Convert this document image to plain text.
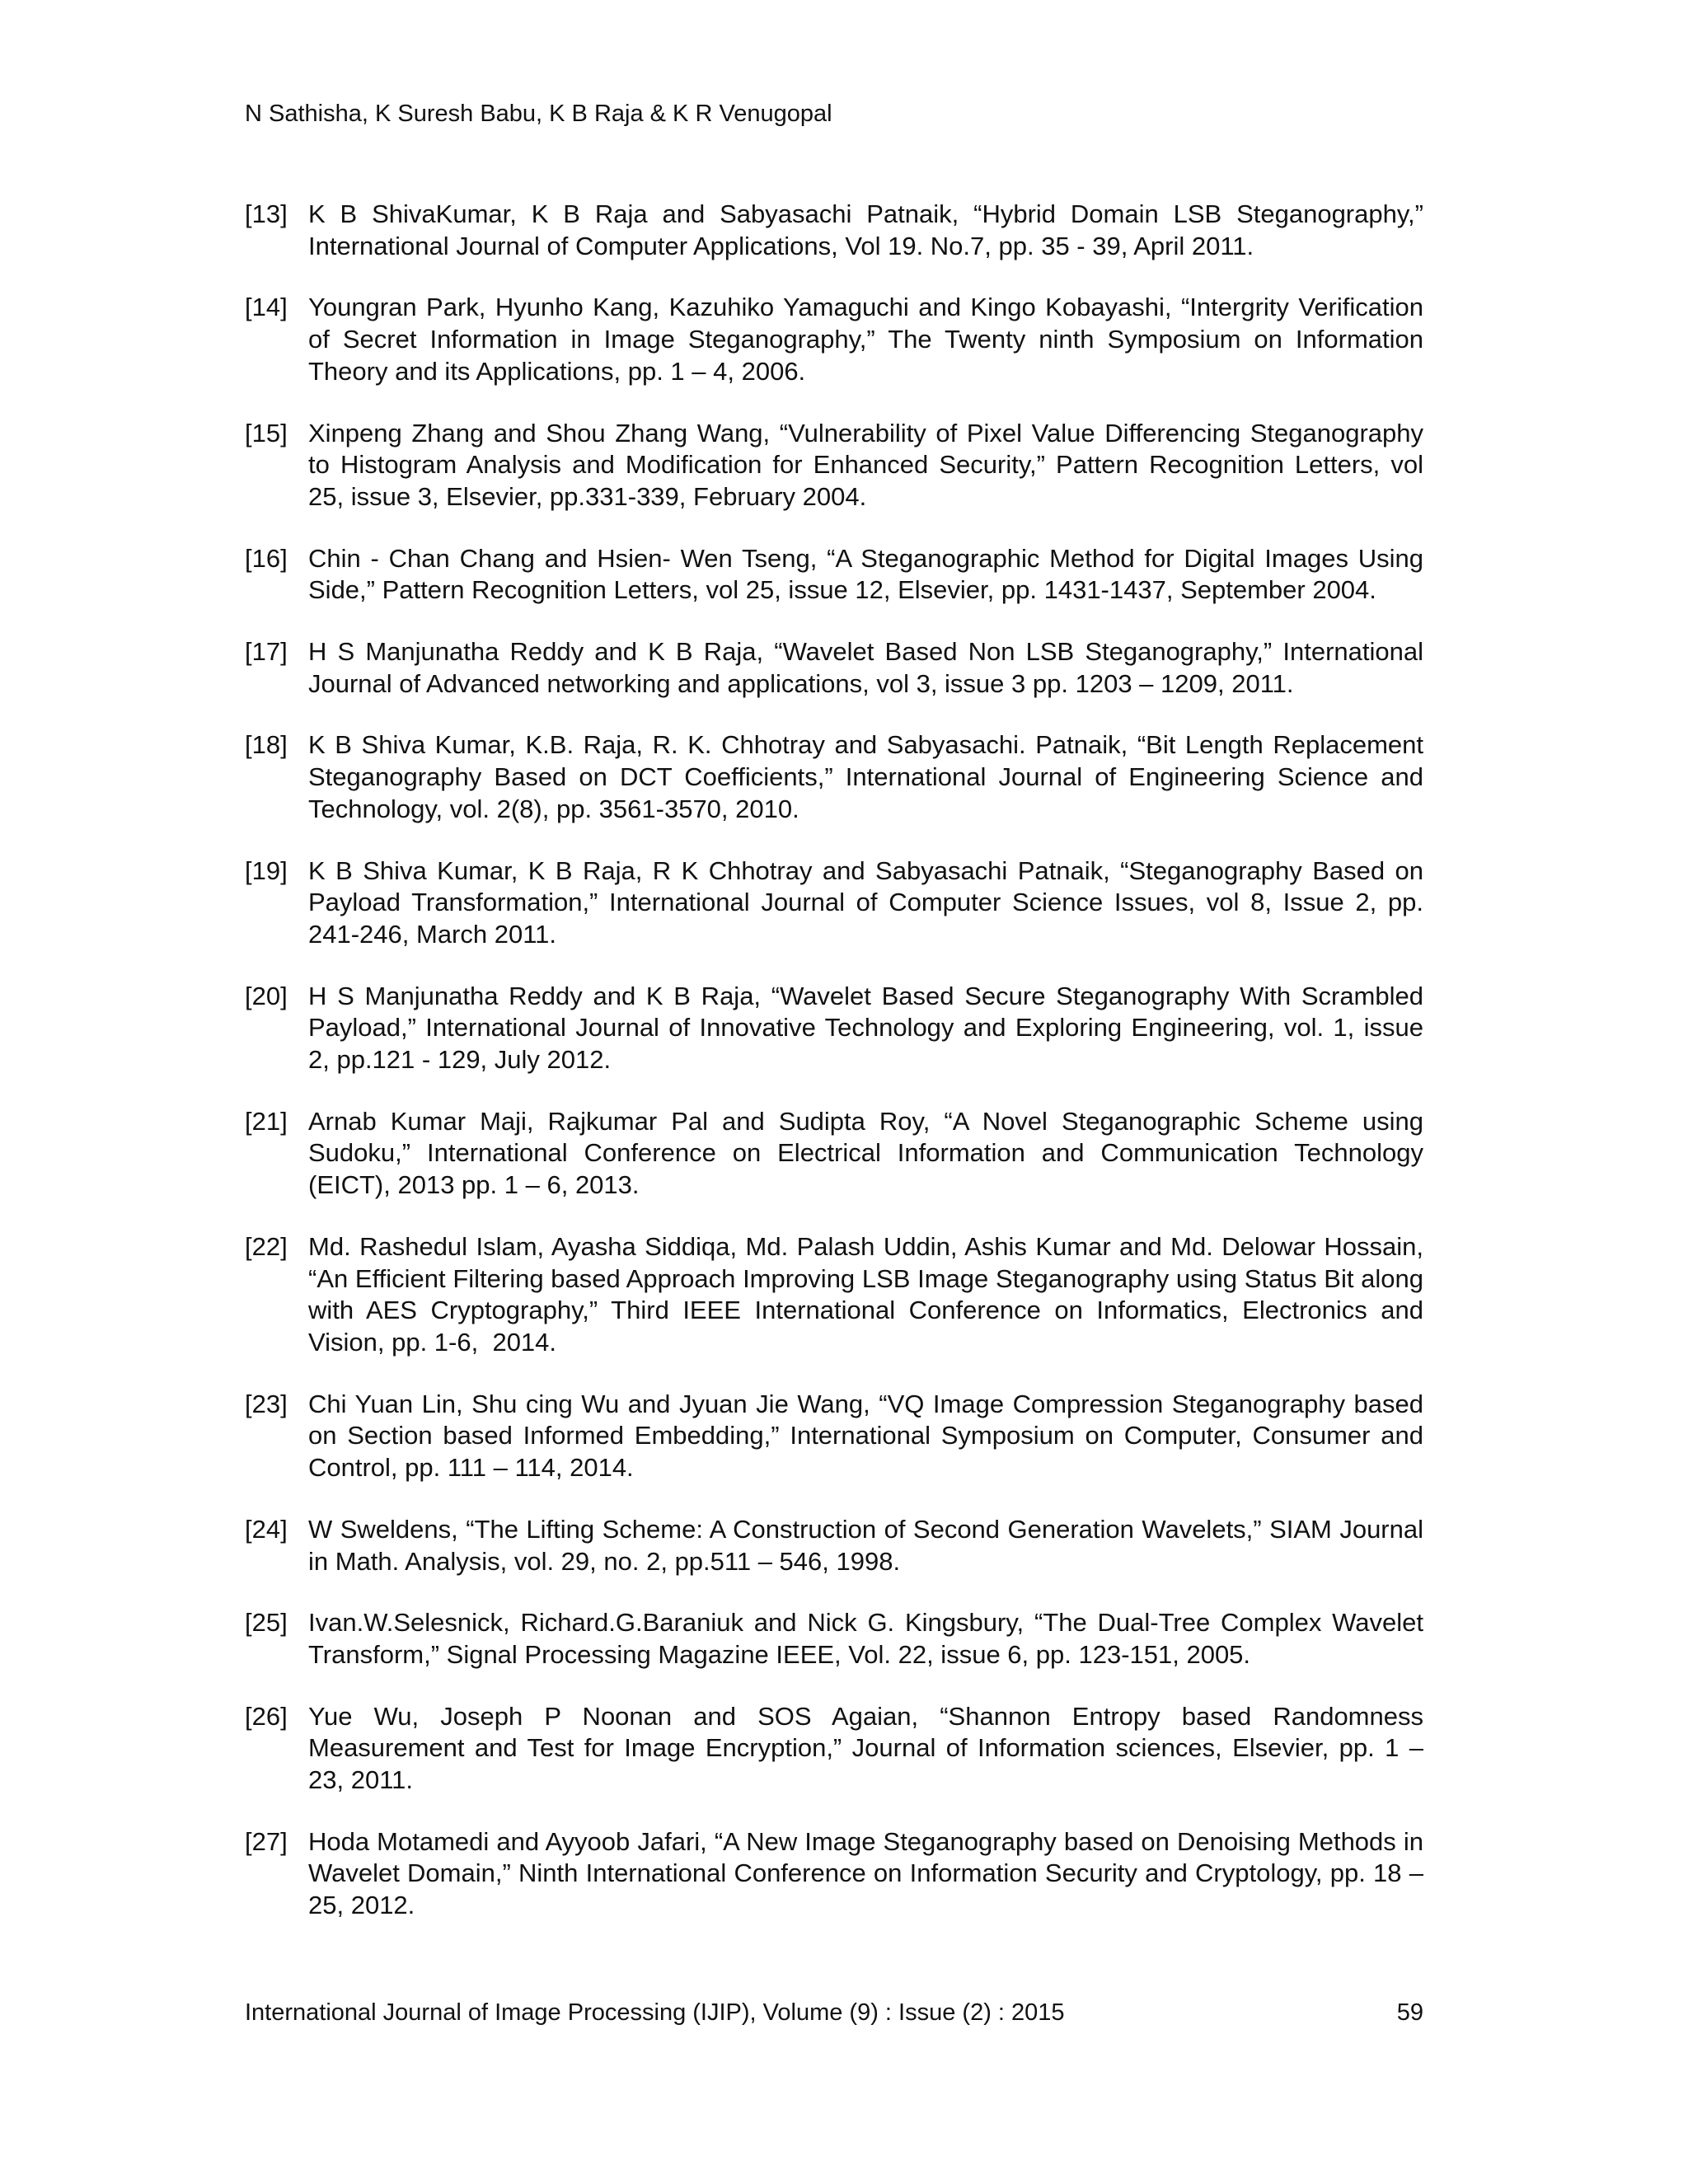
N Sathisha, K Suresh Babu, K B Raja & K R Venugopal
[13] K B ShivaKumar, K B Raja and Sabyasachi Patnaik, “Hybrid Domain LSB Steganography,” International Journal of Computer Applications, Vol 19. No.7, pp. 35 - 39, April 2011.
[14] Youngran Park, Hyunho Kang, Kazuhiko Yamaguchi and Kingo Kobayashi, “Intergrity Verification of Secret Information in Image Steganography,” The Twenty ninth Symposium on Information Theory and its Applications, pp. 1 – 4, 2006.
[15] Xinpeng Zhang and Shou Zhang Wang, “Vulnerability of Pixel Value Differencing Steganography to Histogram Analysis and Modification for Enhanced Security,” Pattern Recognition Letters, vol 25, issue 3, Elsevier, pp.331-339, February 2004.
[16] Chin - Chan Chang and Hsien- Wen Tseng, “A Steganographic Method for Digital Images Using Side,” Pattern Recognition Letters, vol 25, issue 12, Elsevier, pp. 1431-1437, September 2004.
[17] H S Manjunatha Reddy and K B Raja, “Wavelet Based Non LSB Steganography,” International Journal of Advanced networking and applications, vol 3, issue 3 pp. 1203 – 1209, 2011.
[18] K B Shiva Kumar, K.B. Raja, R. K. Chhotray and Sabyasachi. Patnaik, “Bit Length Replacement Steganography Based on DCT Coefficients,” International Journal of Engineering Science and Technology, vol. 2(8), pp. 3561-3570, 2010.
[19] K B Shiva Kumar, K B Raja, R K Chhotray and Sabyasachi Patnaik, “Steganography Based on Payload Transformation,” International Journal of Computer Science Issues, vol 8, Issue 2, pp. 241-246, March 2011.
[20] H S Manjunatha Reddy and K B Raja, “Wavelet Based Secure Steganography With Scrambled Payload,” International Journal of Innovative Technology and Exploring Engineering, vol. 1, issue 2, pp.121 - 129, July 2012.
[21] Arnab Kumar Maji, Rajkumar Pal and Sudipta Roy, “A Novel Steganographic Scheme using Sudoku,” International Conference on Electrical Information and Communication Technology (EICT), 2013 pp. 1 – 6, 2013.
[22] Md. Rashedul Islam, Ayasha Siddiqa, Md. Palash Uddin, Ashis Kumar and Md. Delowar Hossain,     “An Efficient Filtering based Approach Improving LSB Image Steganography using Status Bit along with AES Cryptography,” Third IEEE International Conference on Informatics, Electronics and Vision, pp. 1-6,  2014.
[23] Chi Yuan Lin, Shu cing Wu and Jyuan Jie Wang, “VQ Image Compression Steganography based on Section based Informed Embedding,” International Symposium on Computer, Consumer and Control, pp. 111 – 114, 2014.
[24] W Sweldens, “The Lifting Scheme: A Construction of Second Generation Wavelets,” SIAM Journal in Math. Analysis, vol. 29, no. 2, pp.511 – 546, 1998.
[25] Ivan.W.Selesnick, Richard.G.Baraniuk and Nick G. Kingsbury, “The Dual-Tree Complex Wavelet Transform,” Signal Processing Magazine IEEE, Vol. 22, issue 6, pp. 123-151, 2005.
[26] Yue Wu, Joseph P Noonan and SOS Agaian, “Shannon Entropy based Randomness Measurement and Test for Image Encryption,” Journal of Information sciences, Elsevier, pp. 1 – 23, 2011.
[27] Hoda Motamedi and Ayyoob Jafari, “A New Image Steganography based on Denoising Methods in Wavelet Domain,” Ninth International Conference on Information Security and Cryptology, pp. 18 – 25, 2012.
International Journal of Image Processing (IJIP), Volume (9) : Issue (2) : 2015	59
